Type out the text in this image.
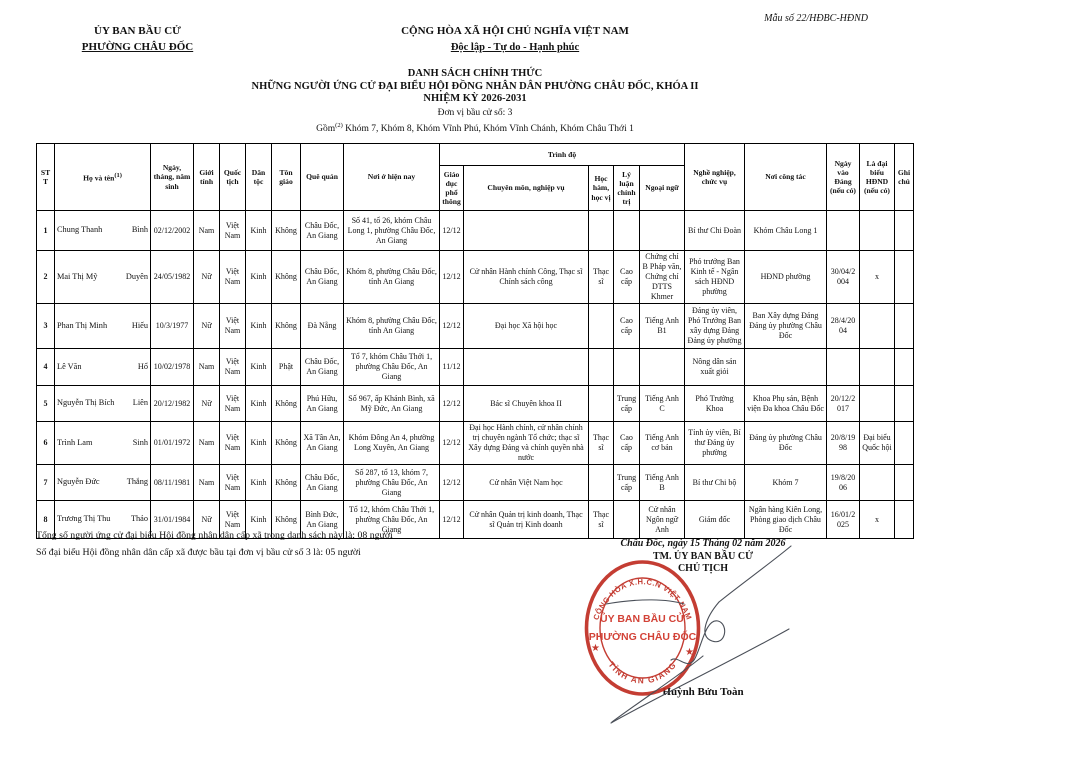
ỦY BAN BẦU CỬ
PHƯỜNG CHÂU ĐỐC
CỘNG HÒA XÃ HỘI CHỦ NGHĨA VIỆT NAM
Độc lập - Tự do - Hạnh phúc
Mẫu số 22/HĐBC-HĐND
DANH SÁCH CHÍNH THỨC
NHỮNG NGƯỜI ỨNG CỬ ĐẠI BIỂU HỘI ĐỒNG NHÂN DÂN PHƯỜNG CHÂU ĐỐC, KHÓA II
NHIỆM KỲ 2026-2031
Đơn vị bầu cử số: 3
Gồm$^{(2)}$ Khóm 7, Khóm 8, Khóm Vĩnh Phú, Khóm Vĩnh Chánh, Khóm Châu Thới 1
STT	Họ và tên$^{(1)}$	Ngày, tháng, năm sinh	Giới tính	Quốc tịch	Dân tộc	Tôn giáo	Quê quán	Nơi ở hiện nay	Trình độ					Nghề nghiệp, chức vụ	Nơi công tác	Ngày vào Đảng (nếu có)	Là đại biểu HĐND (nếu có)	Ghi chú
									Giáo dục phổ thông	Chuyên môn, nghiệp vụ	Học hàm, học vị	Lý luận chính trị	Ngoại ngữ					
1	Chung Thanh Bình	02/12/2002	Nam	Việt Nam	Kinh	Không	Châu Đốc, An Giang	Số 41, tổ 26, khóm Châu Long 1, phường Châu Đốc, An Giang	12/12					Bí thư Chi Đoàn	Khóm Châu Long 1			
2	Mai Thị Mỹ Duyên	24/05/1982	Nữ	Việt Nam	Kinh	Không	Châu Đốc, An Giang	Khóm 8, phường Châu Đốc, tỉnh An Giang	12/12	Cử nhân Hành chính Công, Thạc sĩ Chính sách công	Thạc sĩ	Cao cấp	Chứng chỉ B Pháp văn, Chứng chỉ DTTS Khmer	Phó trưởng Ban Kinh tế - Ngân sách HĐND phường	HĐND phường	30/04/2004	x	
3	Phan Thị Minh Hiếu	10/3/1977	Nữ	Việt Nam	Kinh	Không	Đà Nẵng	Khóm 8, phường Châu Đốc, tỉnh An Giang	12/12	Đại học Xã hội học		Cao cấp	Tiếng Anh B1	Đảng ủy viên, Phó Trưởng Ban xây dựng Đảng Đảng ủy phường	Ban Xây dựng Đảng Đảng ủy phường Châu Đốc	28/4/2004		
4	Lê Văn Hổ	10/02/1978	Nam	Việt Nam	Kinh	Phật	Châu Đốc, An Giang	Tổ 7, khóm Châu Thới 1, phường Châu Đốc, An Giang	11/12					Nông dân sản xuất giỏi				
5	Nguyễn Thị Bích Liên	20/12/1982	Nữ	Việt Nam	Kinh	Không	Phú Hữu, An Giang	Số 967, ấp Khánh Bình, xã Mỹ Đức, An Giang	12/12	Bác sĩ Chuyên khoa II		Trung cấp	Tiếng Anh C	Phó Trưởng Khoa	Khoa Phụ sản, Bệnh viện Đa khoa Châu Đốc	20/12/2017		
6	Trình Lam Sinh	01/01/1972	Nam	Việt Nam	Kinh	Không	Xã Tân An, An Giang	Khóm Đông An 4, phường Long Xuyên, An Giang	12/12	Đại học Hành chính, cử nhân chính trị chuyên ngành Tổ chức; thạc sĩ Xây dựng Đảng và chính quyền nhà nước	Thạc sĩ	Cao cấp	Tiếng Anh cơ bản	Tỉnh ủy viên, Bí thư Đảng ủy phường	Đảng ủy phường Châu Đốc	20/8/1998	Đại biểu Quốc hội	
7	Nguyễn Đức Thắng	08/11/1981	Nam	Việt Nam	Kinh	Không	Châu Đốc, An Giang	Số 287, tổ 13, khóm 7, phường Châu Đốc, An Giang	12/12	Cử nhân Việt Nam học		Trung cấp	Tiếng Anh B	Bí thư Chi bộ	Khóm 7	19/8/2006		
8	Trương Thị Thu Thảo	31/01/1984	Nữ	Việt Nam	Kinh	Không	Bình Đức, An Giang	Tổ 12, khóm Châu Thới 1, phường Châu Đốc, An Giang	12/12	Cử nhân Quản trị kinh doanh, Thạc sĩ Quản trị Kinh doanh	Thạc sĩ		Cử nhân Ngôn ngữ Anh	Giám đốc	Ngân hàng Kiên Long, Phòng giao dịch Châu Đốc	16/01/2025	x	
Tổng số người ứng cử đại biểu Hội đồng nhân dân cấp xã trong danh sách này là: 08 người
Số đại biểu Hội đồng nhân dân cấp xã được bầu tại đơn vị bầu cử số 3 là: 05 người
Châu Đốc, ngày 15 Tháng 02 năm 2026
TM. ỦY BAN BẦU CỬ
CHỦ TỊCH
Huỳnh Bửu Toàn
CỘNG HÒA X.H.C.N VIỆT NAM
TỈNH AN GIANG
ỦY BAN BẦU CỬ
PHƯỜNG CHÂU ĐỐC
★	★
